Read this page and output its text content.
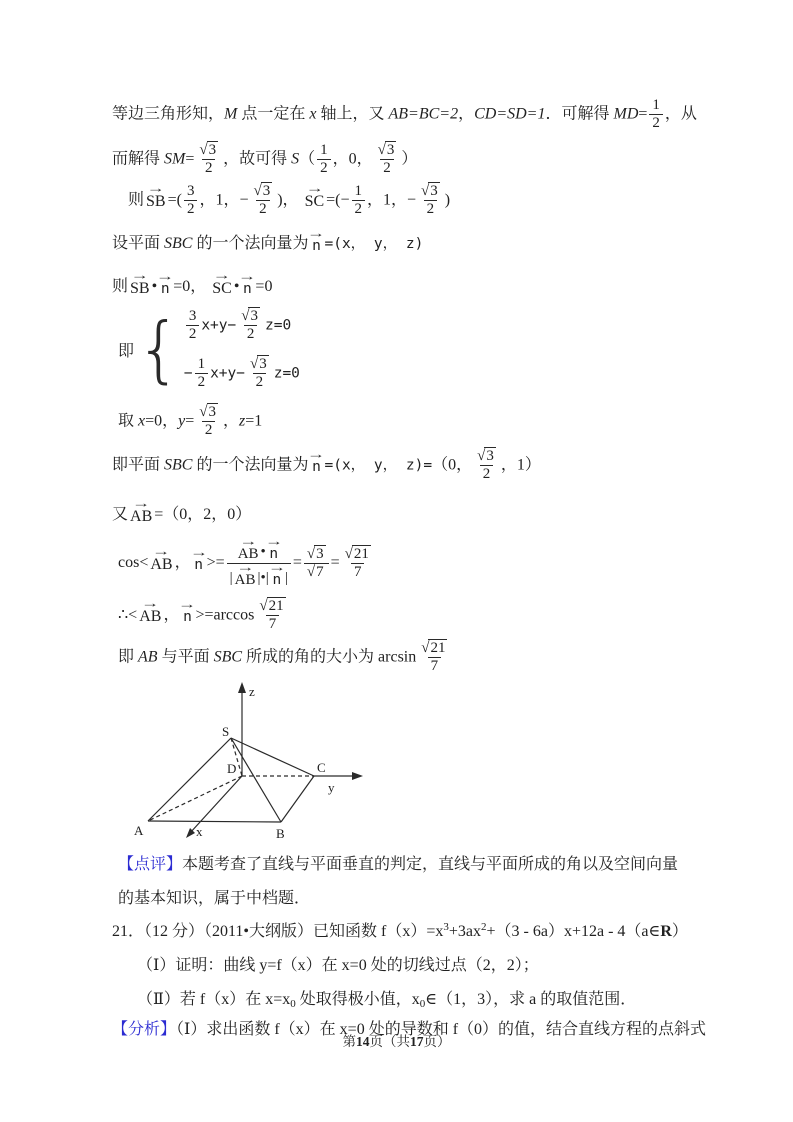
等边三角形知，M 点一定在 x 轴上，又 AB=BC=2，CD=SD=1．可解得 $MD= \frac{1}{2}$ ，从
而解得 $SM= \frac{√ 3}{2}$ ，故可得 $S( \frac{1}{2}$ ，0， $\frac{√ 3}{2}$ ）
则
→
SB =( $\frac{3}{2}$ ，1，− $\frac{√ 3}{2}$ )，
→
SC =(− $\frac{1}{2}$ ，1，− $\frac{√ 3}{2}$ )
设平面 SBC 的一个法向量为
→
n =(x， y， z)
则
→
SB •
→
n =0，
→
SC •
→
n =0
即 { $\frac{3}{2} x+y- \frac{√ 3}{2} z=0$
− $\frac{1}{2} x+y- \frac{√ 3}{2} z=0$
取 x=0，$y= \frac{√ 3}{2}$ ，z=1
即平面 SBC 的一个法向量为
→
n =(x， y， z)=（0， $\frac{√ 3}{2}$ ，1）
又
→
AB =（0，2，0）
cos<
→
AB ，
→
n >= →
AB •
→
n
|
→
AB |•|
→
n | = $\frac{√ 3}{√ 7} = \frac{√ 21}{7}$
∴<
→
AB ，
→
$n >=\arccos \frac{√ 21}{7}$
即 AB 与平面 SBC 所成的角的大小为 $\arcsin \frac{√ 21}{7}$
z
y
x
S
D	C
A	B
【点评】本题考查了直线与平面垂直的判定，直线与平面所成的角以及空间向量的基本知识，属于中档题．
21．（12 分）（2011•大纲版）已知函数 $f(x)=x^3+3ax^2+(3 - 6a)x+12a$ - 4（a∈R）
（Ⅰ）证明：曲线 y=f（x）在 x=0 处的切线过点（2，2）；
（Ⅱ）若 f（x）在 $x=x_0$ 处取得极小值，$x_0\in(1$，3），求 a 的取值范围．
【分析】（Ⅰ）求出函数 f（x）在 x=0 处的导数和 f（0）的值，结合直线方程的点斜式
第14页（共17页）
